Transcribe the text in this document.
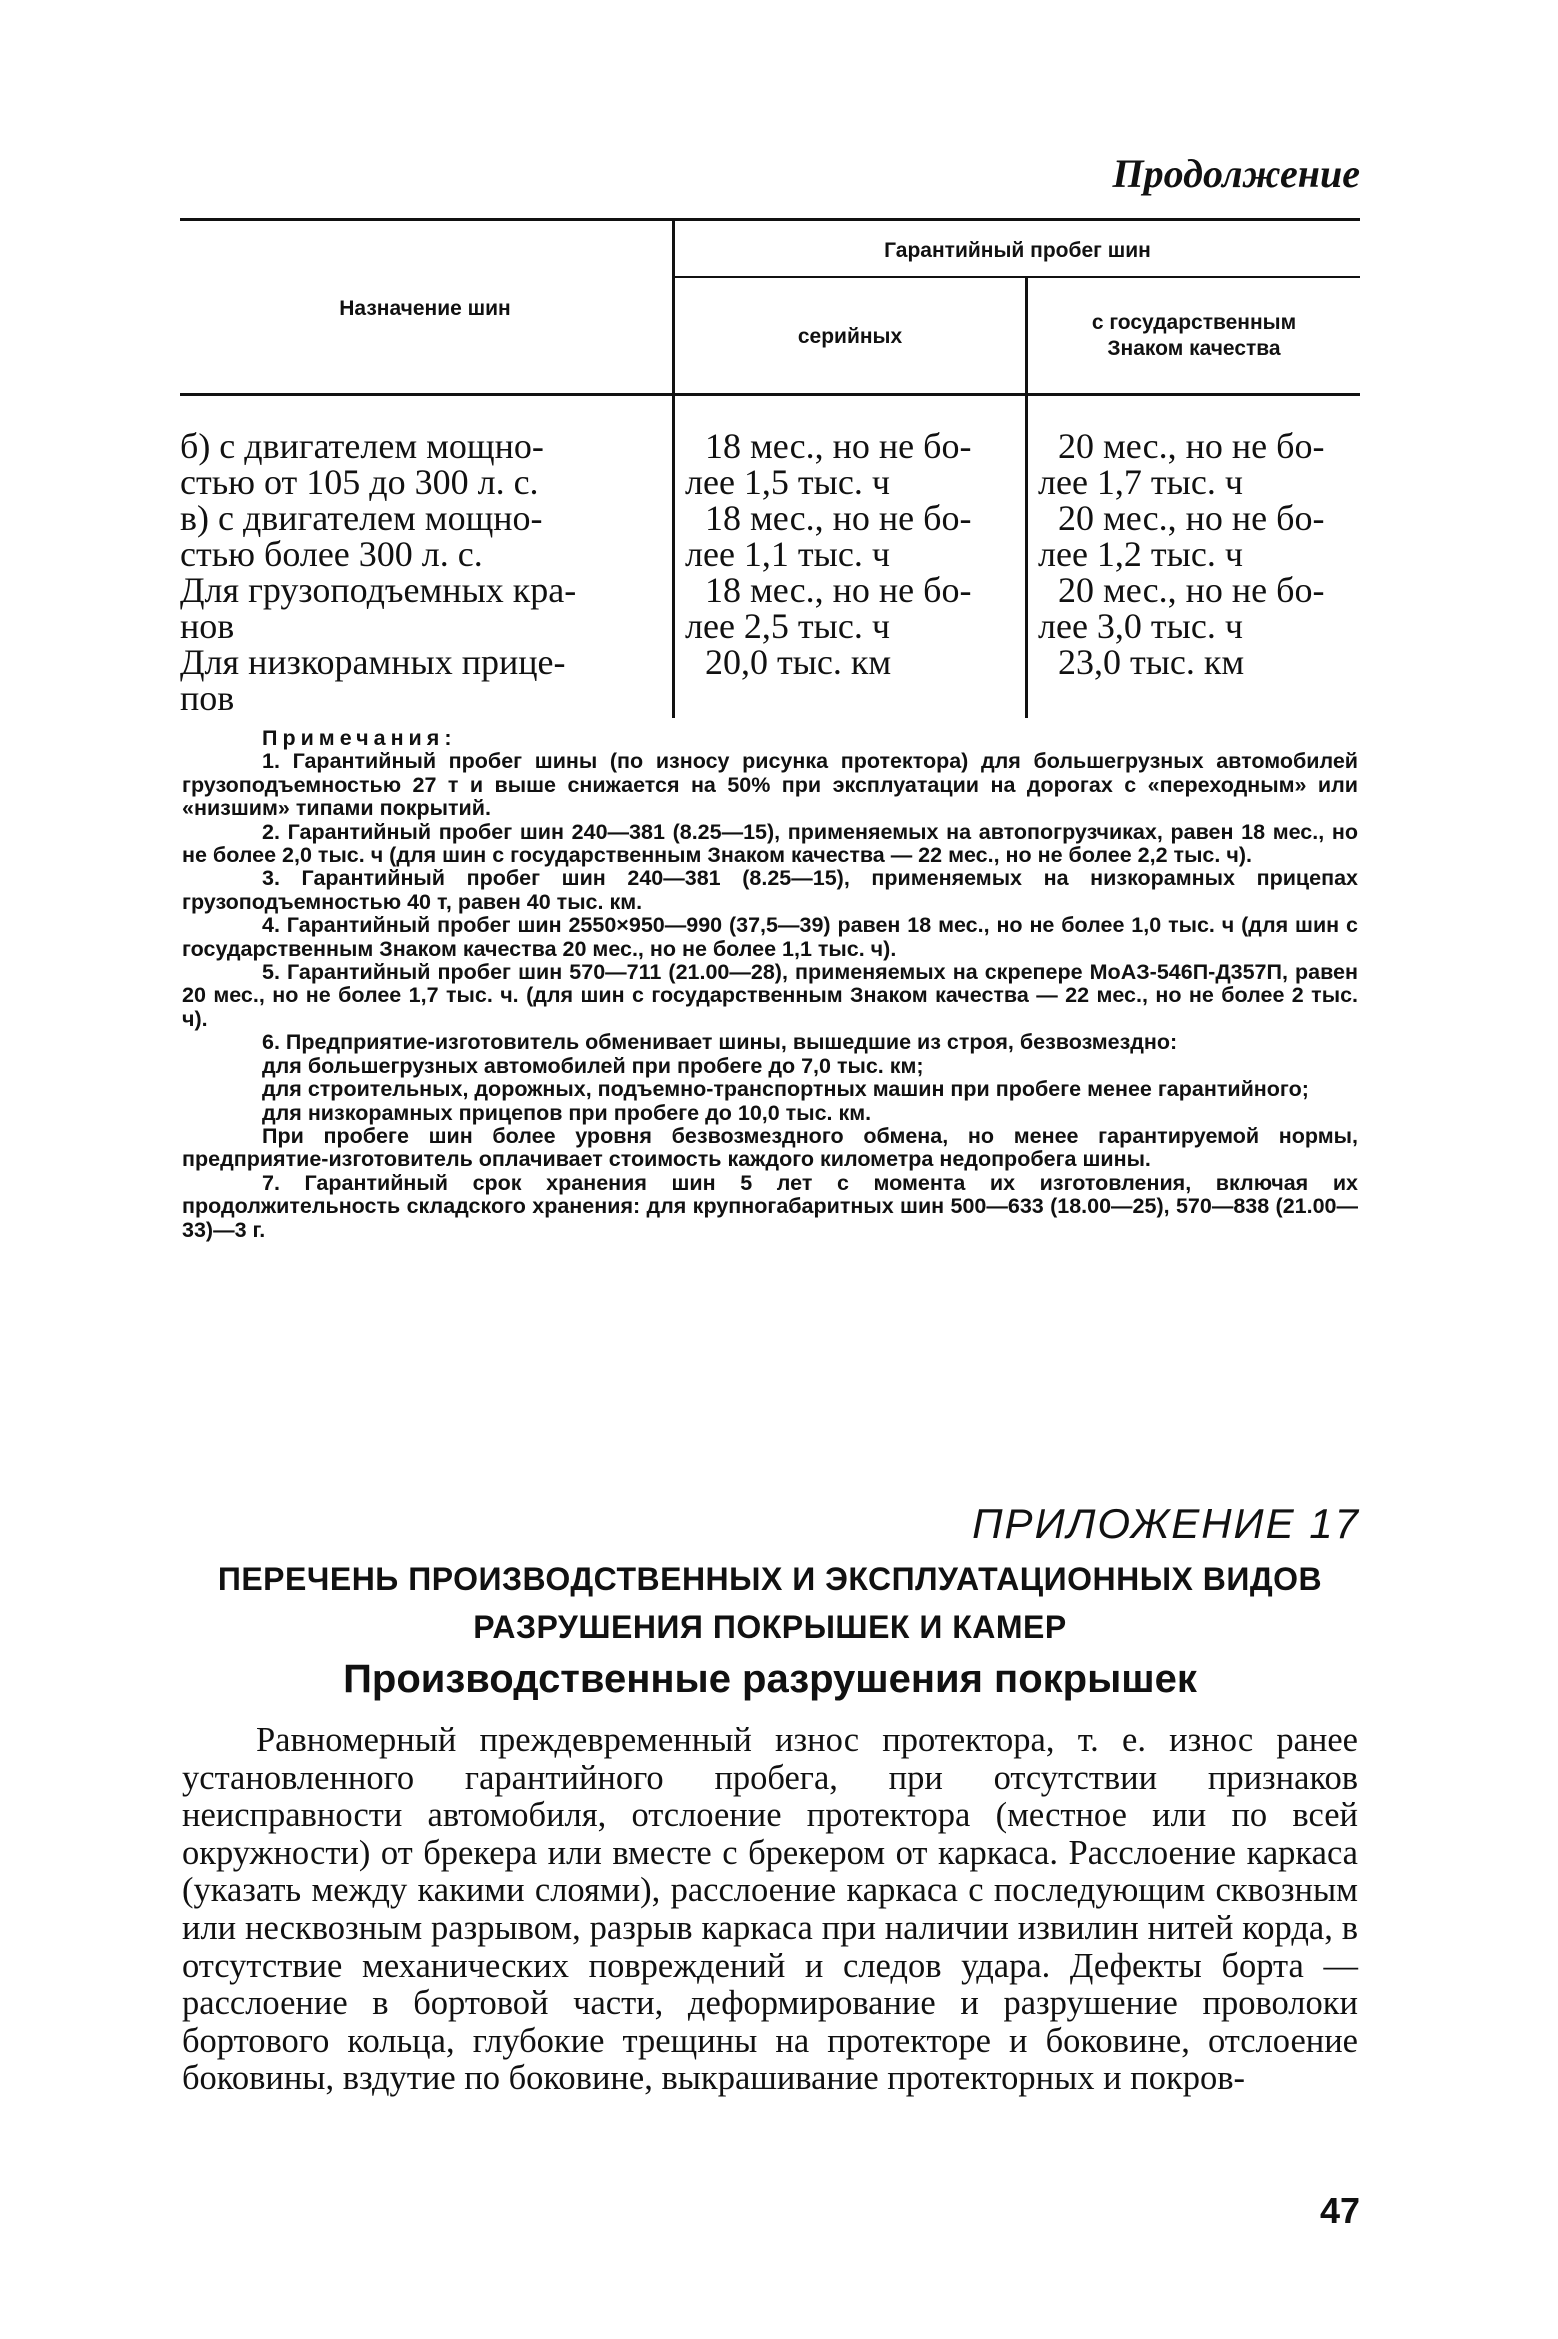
Продолжение
Назначение шин
Гарантийный пробег шин
серийных
с государственным
Знаком качества
б) с двигателем мощно-
стью от 105 до 300 л. с.
в) с двигателем мощно-
стью более 300 л. с.
Для грузоподъемных кра-
нов
Для низкорамных прице-
пов
18 мес., но не бо-
лее 1,5 тыс. ч
18 мес., но не бо-
лее 1,1 тыс. ч
18 мес., но не бо-
лее 2,5 тыс. ч
20,0 тыс. км
20 мес., но не бо-
лее 1,7 тыс. ч
20 мес., но не бо-
лее 1,2 тыс. ч
20 мес., но не бо-
лее 3,0 тыс. ч
23,0 тыс. км

Примечания:

1. Гарантийный пробег шины (по износу рисунка протектора) для большегрузных автомобилей грузоподъемностью 27 т и выше снижается на 50% при эксплуатации на дорогах с «переходным» или «низшим» типами покрытий.

2. Гарантийный пробег шин 240—381 (8.25—15), применяемых на автопогрузчиках, равен 18 мес., но не более 2,0 тыс. ч (для шин с государственным Знаком качества — 22 мес., но не более 2,2 тыс. ч).

3. Гарантийный пробег шин 240—381 (8.25—15), применяемых на низкорамных прицепах грузоподъемностью 40 т, равен 40 тыс. км.

4. Гарантийный пробег шин 2550×950—990 (37,5—39) равен 18 мес., но не более 1,0 тыс. ч (для шин с государственным Знаком качества 20 мес., но не более 1,1 тыс. ч).

5. Гарантийный пробег шин 570—711 (21.00—28), применяемых на скрепере МоАЗ-546П-Д357П, равен 20 мес., но не более 1,7 тыс. ч. (для шин с государственным Знаком качества — 22 мес., но не более 2 тыс. ч).

6. Предприятие-изготовитель обменивает шины, вышедшие из строя, безвозмездно:

для большегрузных автомобилей при пробеге до 7,0 тыс. км;

для строительных, дорожных, подъемно-транспортных машин при пробеге менее гарантийного;

для низкорамных прицепов при пробеге до 10,0 тыс. км.

При пробеге шин более уровня безвозмездного обмена, но менее гарантируемой нормы, предприятие-изготовитель оплачивает стоимость каждого километра недопробега шины.

7. Гарантийный срок хранения шин 5 лет с момента их изготовления, включая их продолжительность складского хранения: для крупногабаритных шин 500—633 (18.00—25), 570—838 (21.00—33)—3 г.

ПРИЛОЖЕНИЕ 17
ПЕРЕЧЕНЬ ПРОИЗВОДСТВЕННЫХ И ЭКСПЛУАТАЦИОННЫХ ВИДОВ
РАЗРУШЕНИЯ ПОКРЫШЕК И КАМЕР
Производственные разрушения покрышек

Равномерный преждевременный износ протектора, т. е. износ ранее установленного гарантийного пробега, при отсутствии признаков неисправности автомобиля, отслоение протектора (местное или по всей окружности) от брекера или вместе с брекером от каркаса. Расслоение каркаса (указать между какими слоями), расслоение каркаса с последующим сквозным или несквозным разрывом, разрыв каркаса при наличии извилин нитей корда, в отсутствие механических повреждений и следов удара. Дефекты борта — расслоение в бортовой части, деформирование и разрушение проволоки бортового кольца, глубокие трещины на протекторе и боковине, отслоение боковины, вздутие по боковине, выкрашивание протекторных и покров-

47
